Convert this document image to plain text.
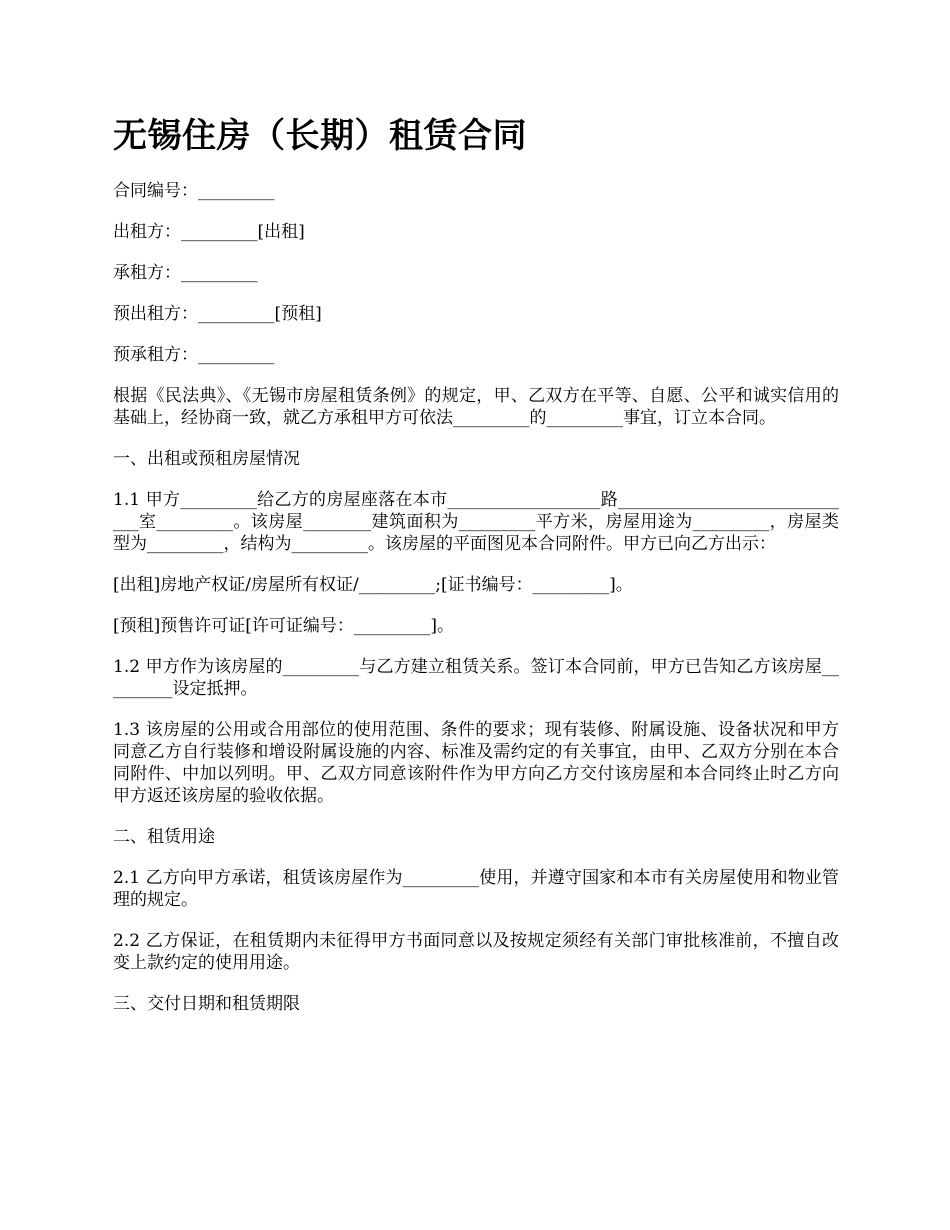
无锡住房（长期）租赁合同

合同编号：_________

出租方：_________[出租]

承租方：_________

预出租方：_________[预租]

预承租方：_________

根据《民法典》、《无锡市房屋租赁条例》的规定，甲、乙双方在平等、自愿、公平和诚实信用的基础上，经协商一致，就乙方承租甲方可依法_________的_________事宜，订立本合同。

一、出租或预租房屋情况

1.1 甲方_________给乙方的房屋座落在本市__________________路_____________________________室_________。该房屋________建筑面积为_________平方米，房屋用途为_________，房屋类型为_________，结构为_________。该房屋的平面图见本合同附件。甲方已向乙方出示：

[出租]房地产权证/房屋所有权证/_________;[证书编号：_________]。

[预租]预售许可证[许可证编号：_________]。

1.2 甲方作为该房屋的_________与乙方建立租赁关系。签订本合同前，甲方已告知乙方该房屋_________设定抵押。

1.3 该房屋的公用或合用部位的使用范围、条件的要求；现有装修、附属设施、设备状况和甲方同意乙方自行装修和增设附属设施的内容、标准及需约定的有关事宜，由甲、乙双方分别在本合同附件、中加以列明。甲、乙双方同意该附件作为甲方向乙方交付该房屋和本合同终止时乙方向甲方返还该房屋的验收依据。

二、租赁用途

2.1 乙方向甲方承诺，租赁该房屋作为_________使用，并遵守国家和本市有关房屋使用和物业管理的规定。

2.2 乙方保证，在租赁期内未征得甲方书面同意以及按规定须经有关部门审批核准前，不擅自改变上款约定的使用用途。

三、交付日期和租赁期限
